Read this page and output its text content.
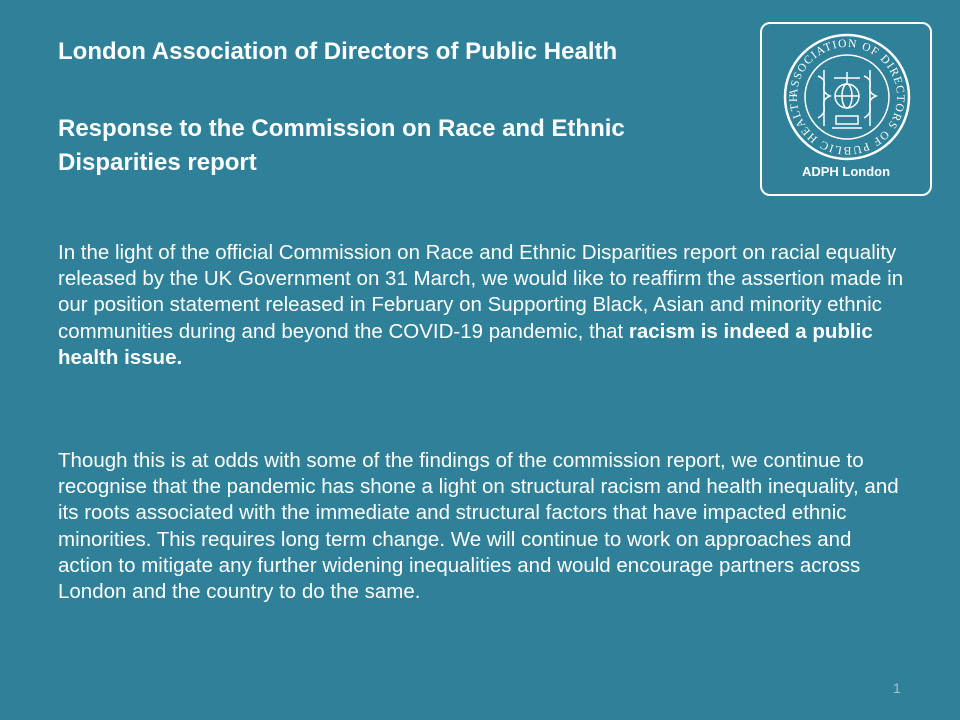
London Association of Directors of Public Health
Response to the Commission on Race and Ethnic Disparities report
ASSOCIATION OF DIRECTORS OF PUBLIC HEALTH
ADPH London

In the light of the official Commission on Race and Ethnic Disparities report on racial equality released by the UK Government on 31 March, we would like to reaffirm the assertion made in our position statement released in February on Supporting Black, Asian and minority ethnic communities during and beyond the COVID-19 pandemic, that racism is indeed a public health issue.

Though this is at odds with some of the findings of the commission report, we continue to recognise that the pandemic has shone a light on structural racism and health inequality, and its roots associated with the immediate and structural factors that have impacted ethnic minorities. This requires long term change. We will continue to work on approaches and action to mitigate any further widening inequalities and would encourage partners across London and the country to do the same.

1
